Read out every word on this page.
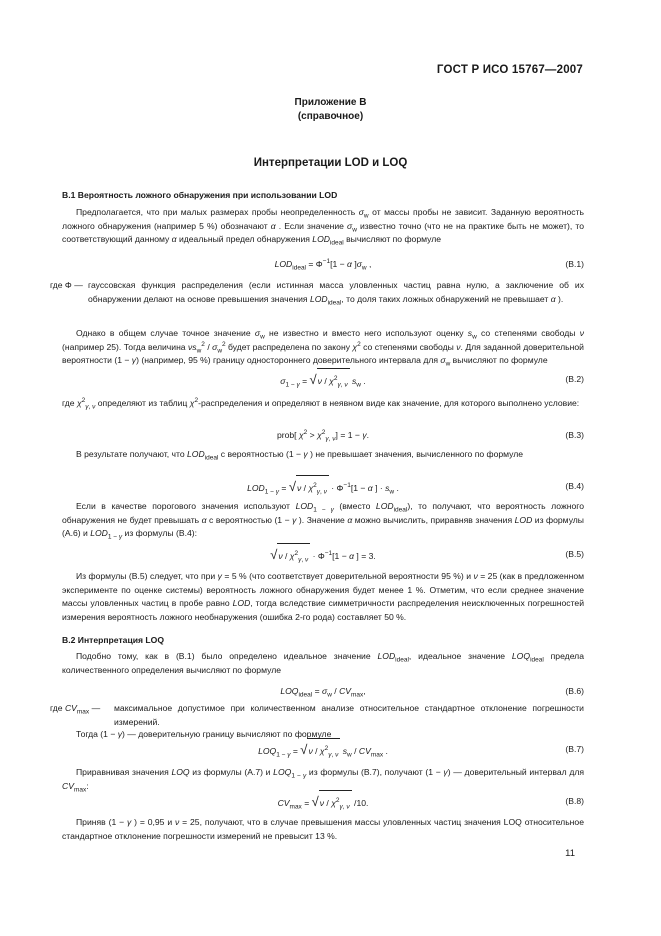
ГОСТ Р ИСО 15767—2007
Приложение В
(справочное)
Интерпретации LOD и LOQ
В.1 Вероятность ложного обнаружения при использовании LOD
Предполагается, что при малых размерах пробы неопределенность $\sigma_w$ от массы пробы не зависит. Заданную вероятность ложного обнаружения (например 5 %) обозначают α . Если значение $\sigma_w$ известно точно (что не на практике быть не может), то соответствующий данному α идеальный предел обнаружения $LOD_{ideal}$ вычисляют по формуле
$LOD_{ideal} = \Phi^{-1}[1 - \alpha$ ]$\sigma_w$ ,	(B.1)
где Φ — гауссовская функция распределения (если истинная масса уловленных частиц равна нулю, а заключение об их обнаружении делают на основе превышения значения $LOD_{ideal}$, то доля таких ложных обнаружений не превышает α ).
Однако в общем случае точное значение $\sigma_w$ не известно и вместо него используют оценку $s_w$ со степенями свободы ν (например 25). Тогда величина $\nu s_w^2 / \sigma_w^2$ будет распределена по закону $\chi^2$ со степенями свободы ν. Для заданной доверительной вероятности (1 − γ) (например, 95 %) границу одностороннего доверительного интервала для $\sigma_w$ вычисляют по формуле
$\sigma_{1 - \gamma} = √\nu / \chi^2_{\gamma, \nu}$ $s_w$ .	(B.2)
где $\chi^2_{\gamma, \nu}$ определяют из таблиц $\chi^2$-распределения и определяют в неявном виде как значение, для которого выполнено условие:
prob[ $\chi^2 > \chi^2_{\gamma, \nu}] = 1 - \gamma$.	(B.3)
В результате получают, что $LOD_{ideal}$ с вероятностью (1 − γ ) не превышает значения, вычисленного по формуле
$LOD_{1 - \gamma} = √\nu / \chi^2_{\gamma, \nu} \cdot \Phi^{-1}[1 - \alpha$ ] · $s_w$ .	(B.4)
Если в качестве порогового значения используют $LOD_{1 - \gamma}$ (вместо $LOD_{ideal}$), то получают, что вероятность ложного обнаружения не будет превышать α с вероятностью (1 − γ ). Значение α можно вычислить, приравняв значения LOD из формулы (A.6) и $LOD_{1 - \gamma}$ из формулы (B.4):
$√\nu / \chi^2_{\gamma, \nu} \cdot \Phi^{-1}[1 - \alpha$ ] = 3.	(B.5)
Из формулы (В.5) следует, что при γ = 5 % (что соответствует доверительной вероятности 95 %) и ν = 25 (как в предложенном эксперименте по оценке системы) вероятность ложного обнаружения будет менее 1 %. Отметим, что если среднее значение массы уловленных частиц в пробе равно LOD, тогда вследствие симметричности распределения неисключенных погрешностей измерения вероятность ложного необнаружения (ошибка 2-го рода) составляет 50 %.
В.2 Интерпретация LOQ
Подобно тому, как в (B.1) было определено идеальное значение $LOD_{ideal}$, идеальное значение $LOQ_{ideal}$ предела количественного определения вычисляют по формуле
$LOQ_{ideal} = \sigma_w / CV_{max}$,	(B.6)
где $CV_{max}$ — максимальное допустимое при количественном анализе относительное стандартное отклонение погрешности измерений.
Тогда (1 − γ) — доверительную границу вычисляют по формуле
$LOQ_{1 - \gamma} = √\nu / \chi^2_{\gamma, \nu}$ $s_w / CV_{max}$ .	(B.7)
Приравнивая значения LOQ из формулы (A.7) и $LOQ_{1 - \gamma}$ из формулы (B.7), получают (1 − γ) — доверительный интервал для $CV_{max}$:
$CV_{max} = √\nu / \chi^2_{\gamma, \nu}$ /10.	(B.8)
Приняв (1 − γ ) = 0,95 и ν = 25, получают, что в случае превышения массы уловленных частиц значения LOQ относительное стандартное отклонение погрешности измерений не превысит 13 %.
11
